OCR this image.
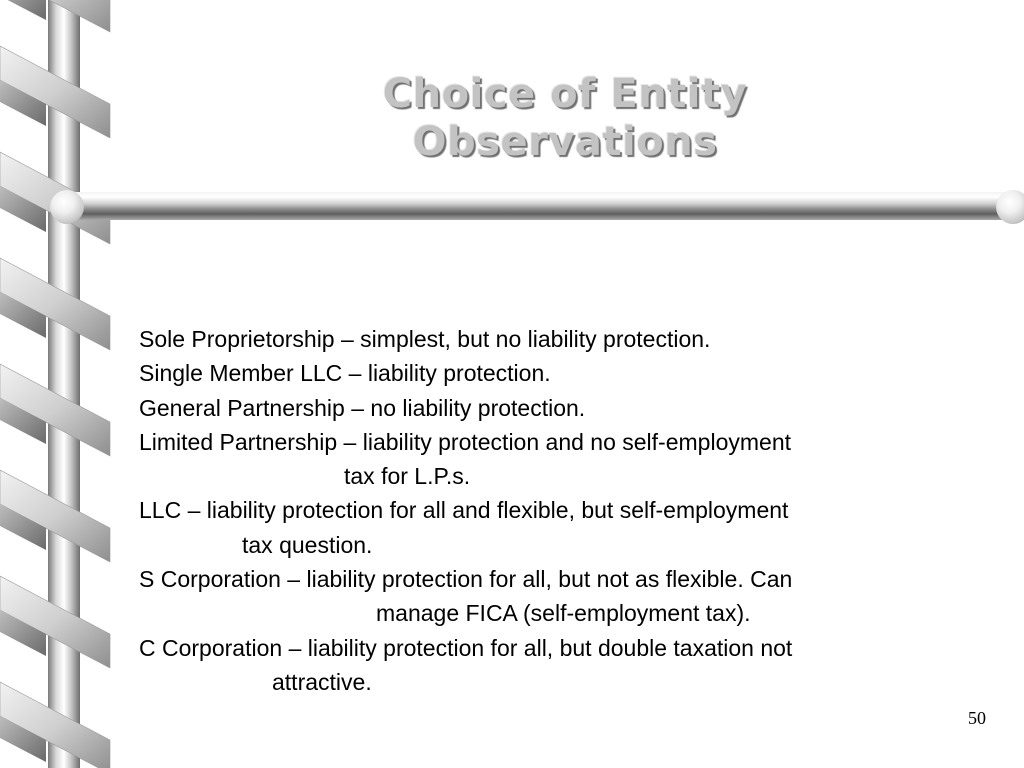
Choice of Entity
Observations
Sole Proprietorship – simplest, but no liability protection.
Single Member LLC – liability protection.
General Partnership – no liability protection.
Limited Partnership – liability protection and no self-employment
tax for L.P.s.
LLC – liability protection for all and flexible, but self-employment
tax question.
S Corporation – liability protection for all, but not as flexible. Can
manage FICA (self-employment tax).
C Corporation – liability protection for all, but double taxation not
attractive.
50
